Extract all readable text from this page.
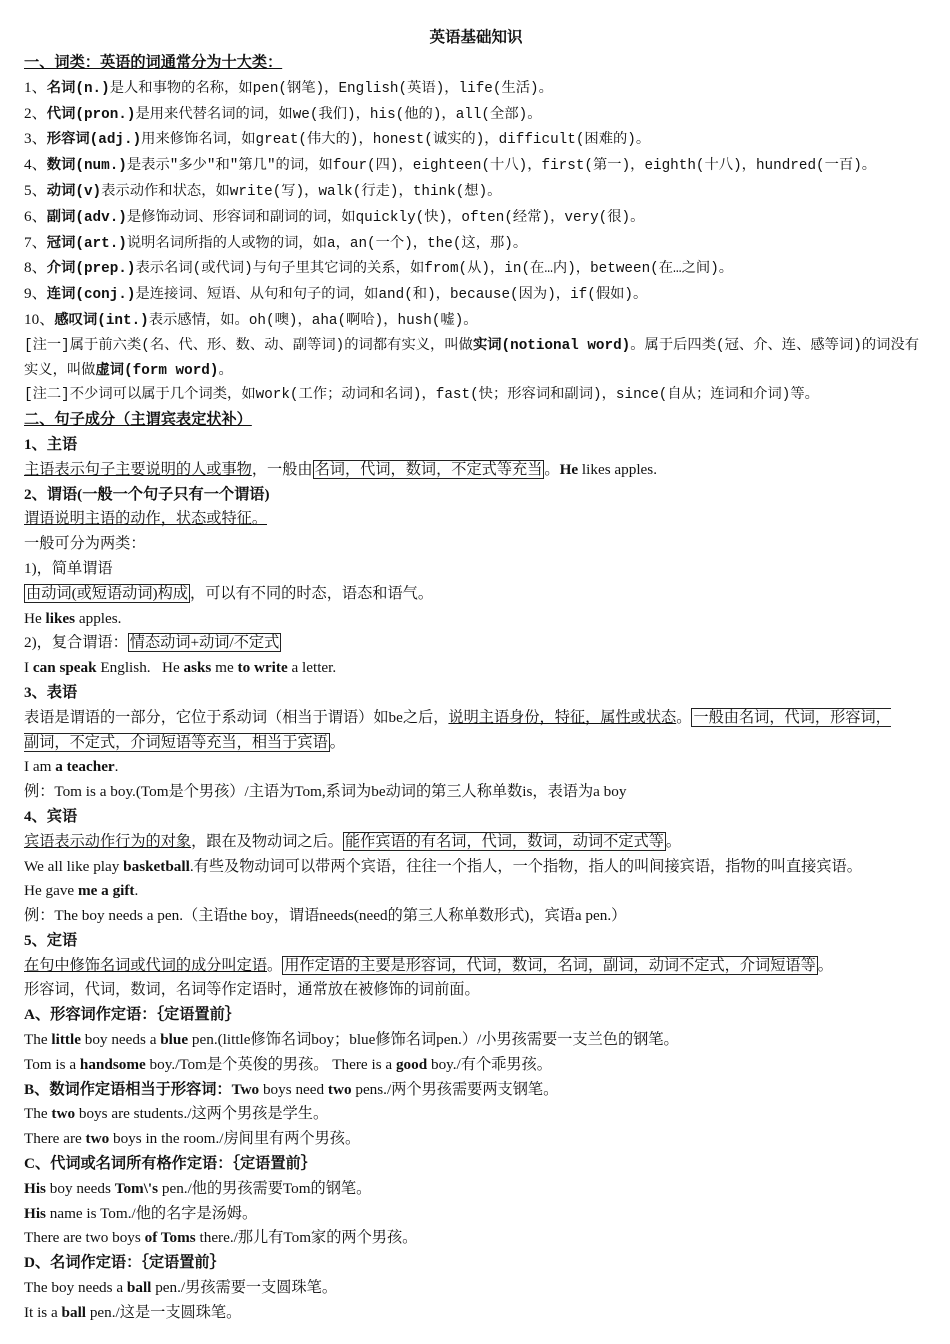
英语基础知识
一、词类：英语的词通常分为十大类：
1、名词(n.)是人和事物的名称，如pen(钢笔)，English(英语)，life(生活)。
2、代词(pron.)是用来代替名词的词，如we(我们)，his(他的)，all(全部)。
3、形容词(adj.)用来修饰名词，如great(伟大的)，honest(诚实的)，difficult(困难的)。
4、数词(num.)是表示"多少"和"第几"的词，如four(四)，eighteen(十八)，first(第一)，eighth(十八)，hundred(一百)。
5、动词(v)表示动作和状态，如write(写)，walk(行走)，think(想)。
6、副词(adv.)是修饰动词、形容词和副词的词，如quickly(快)，often(经常)，very(很)。
7、冠词(art.)说明名词所指的人或物的词，如a，an(一个)，the(这，那)。
8、介词(prep.)表示名词(或代词)与句子里其它词的关系，如from(从)，in(在…内)，between(在…之间)。
9、连词(conj.)是连接词、短语、从句和句子的词，如and(和)，because(因为)，if(假如)。
10、感叹词(int.)表示感情，如。oh(噢)，aha(啊哈)，hush(嘘)。
[注一]属于前六类(名、代、形、数、动、副等词)的词都有实义，叫做实词(notional word)。属于后四类(冠、介、连、感等词)的词没有实义，叫做虚词(form word)。
[注二]不少词可以属于几个词类，如work(工作；动词和名词)，fast(快；形容词和副词)，since(自从；连词和介词)等。
二、句子成分（主谓宾表定状补）
1、主语
主语表示句子主要说明的人或事物，一般由 名词，代词，数词，不定式等充当 。He likes apples.
2、谓语(一般一个句子只有一个谓语)
谓语说明主语的动作，状态或特征。
一般可分为两类：
1)，简单谓语
由动词(或短语动词)构成 ，可以有不同的时态，语态和语气。
He likes apples.
2)，复合谓语： 情态动词+动词/不定式
I can speak English.   He asks me to write a letter.
3、表语
表语是谓语的一部分，它位于系动词（相当于谓语）如be之后，说明主语身份，特征，属性或状态。 一般由名词，代词，形容词，
副词，不定式，介词短语等充当，相当于宾语 。
I am a teacher.
例：Tom is a boy.(Tom是个男孩）/主语为Tom,系词为be动词的第三人称单数is，表语为a boy
4、宾语
宾语表示动作行为的对象，跟在及物动词之后。 能作宾语的有名词，代词，数词，动词不定式等 。
We all like play basketball.有些及物动词可以带两个宾语，往往一个指人，一个指物，指人的叫间接宾语，指物的叫直接宾语。
He gave me a gift.
例：The boy needs a pen.（主语the boy，谓语needs(need的第三人称单数形式)，宾语a pen.）
5、定语
在句中修饰名词或代词的成分叫定语。 用作定语的主要是形容词，代词，数词，名词，副词，动词不定式，介词短语等 。
形容词，代词，数词，名词等作定语时，通常放在被修饰的词前面。
A、形容词作定语：｛定语置前｝
The little boy needs a blue pen.(little修饰名词boy；blue修饰名词pen.）/小男孩需要一支兰色的钢笔。
Tom is a handsome boy./Tom是个英俊的男孩。 There is a good boy./有个乖男孩。
B、数词作定语相当于形容词：Two boys need two pens./两个男孩需要两支钢笔。
The two boys are students./这两个男孩是学生。
There are two boys in the room./房间里有两个男孩。
C、代词或名词所有格作定语：｛定语置前｝
His boy needs Tom\'s pen./他的男孩需要Tom的钢笔。
His name is Tom./他的名字是汤姆。
There are two boys of Toms there./那儿有Tom家的两个男孩。
D、名词作定语：｛定语置前｝
The boy needs a ball pen./男孩需要一支圆珠笔。
It is a ball pen./这是一支圆珠笔。
